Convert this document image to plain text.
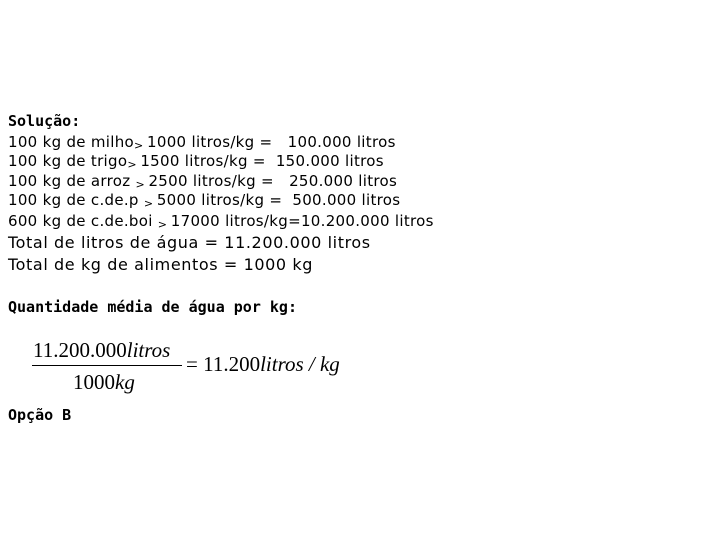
Solução:
100 kg de milho> 1000 litros/kg = 100.000 litros
100 kg de trigo> 1500 litros/kg = 150.000 litros
100 kg de arroz > 2500 litros/kg = 250.000 litros
100 kg de c.de.p > 5000 litros/kg = 500.000 litros
600 kg de c.de.boi > 17000 litros/kg=10.200.000 litros
Total de litros de água = 11.200.000 litros
Total de kg de alimentos = 1000 kg
Quantidade média de água por kg:
11.200.000litros
1000kg
= 11.200litros / kg
Opção B
